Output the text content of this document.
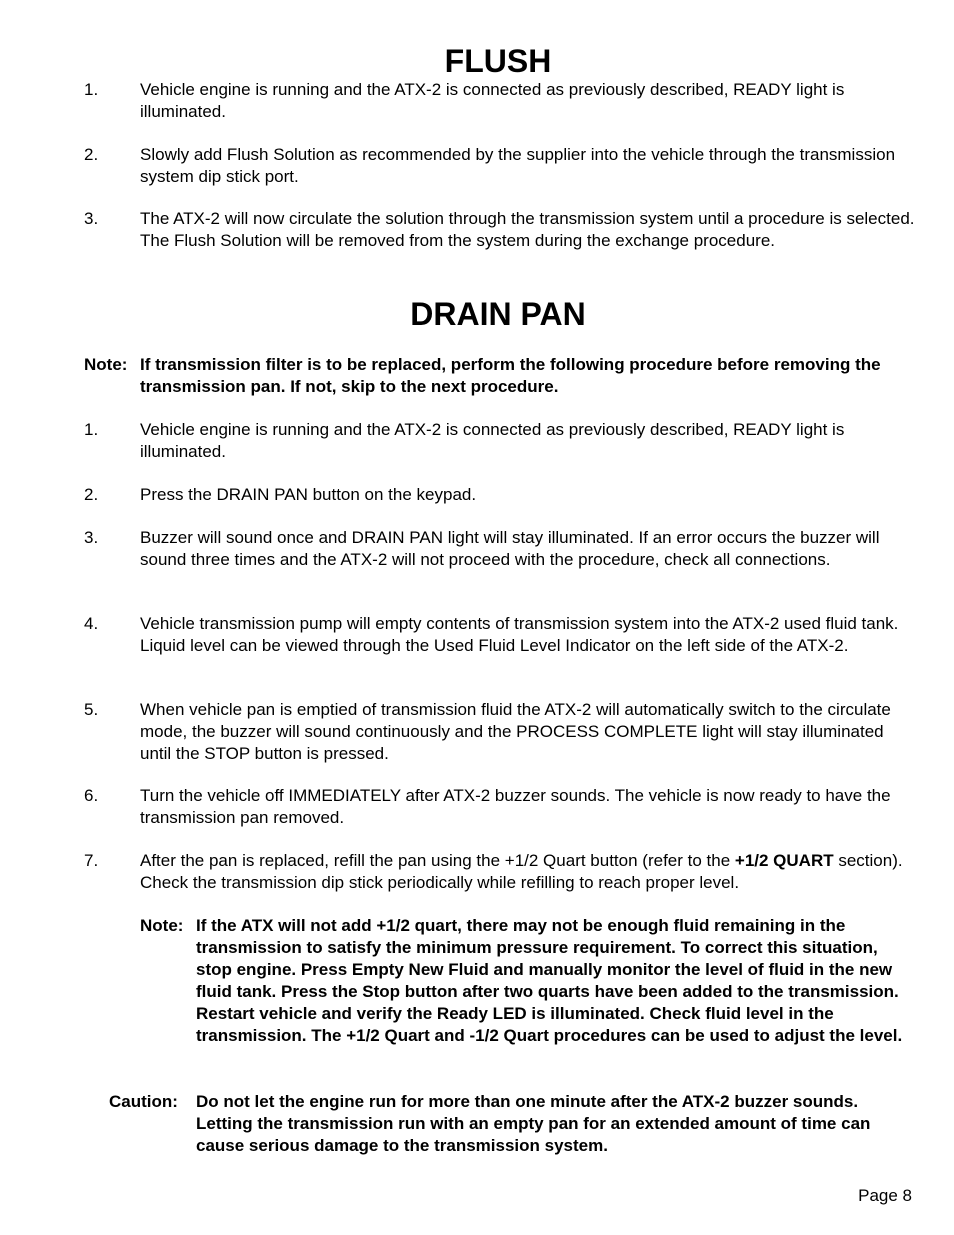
FLUSH
1. Vehicle engine is running and the ATX-2 is connected as previously described, READY light is illuminated.
2. Slowly add Flush Solution as recommended by the supplier into the vehicle through the transmission system dip stick port.
3. The ATX-2 will now circulate the solution through the transmission system until a procedure is selected. The Flush Solution will be removed from the system during the exchange procedure.
DRAIN PAN
Note: If transmission filter is to be replaced, perform the following procedure before removing the transmission pan. If not, skip to the next procedure.
1. Vehicle engine is running and the ATX-2 is connected as previously described, READY light is illuminated.
2. Press the DRAIN PAN button on the keypad.
3. Buzzer will sound once and DRAIN PAN light will stay illuminated. If an error occurs the buzzer will sound three times and the ATX-2 will not proceed with the procedure, check all connections.
4. Vehicle transmission pump will empty contents of transmission system into the ATX-2 used fluid tank. Liquid level can be viewed through the Used Fluid Level Indicator on the left side of the ATX-2.
5. When vehicle pan is emptied of transmission fluid the ATX-2 will automatically switch to the circulate mode, the buzzer will sound continuously and the PROCESS COMPLETE light will stay illuminated until the STOP button is pressed.
6. Turn the vehicle off IMMEDIATELY after ATX-2 buzzer sounds. The vehicle is now ready to have the transmission pan removed.
7. After the pan is replaced, refill the pan using the +1/2 Quart button (refer to the +1/2 QUART section). Check the transmission dip stick periodically while refilling to reach proper level.
Note: If the ATX will not add +1/2 quart, there may not be enough fluid remaining in the transmission to satisfy the minimum pressure requirement. To correct this situation, stop engine. Press Empty New Fluid and manually monitor the level of fluid in the new fluid tank. Press the Stop button after two quarts have been added to the transmission. Restart vehicle and verify the Ready LED is illuminated. Check fluid level in the transmission. The +1/2 Quart and -1/2 Quart procedures can be used to adjust the level.
Caution: Do not let the engine run for more than one minute after the ATX-2 buzzer sounds. Letting the transmission run with an empty pan for an extended amount of time can cause serious damage to the transmission system.
Page 8
